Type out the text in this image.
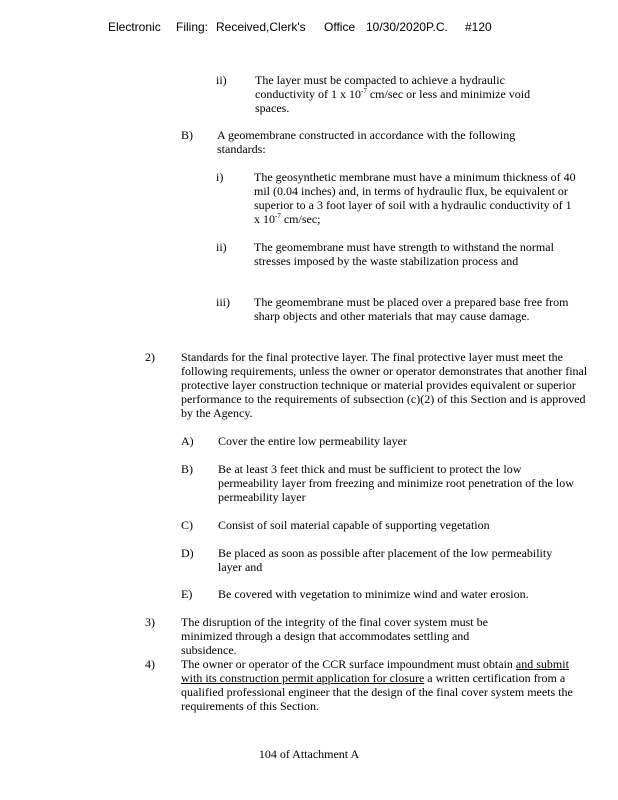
Electronic Filing: Received,Clerk's Office 10/30/2020P.C. #120
ii) The layer must be compacted to achieve a hydraulic conductivity of 1 x $10^{-7}$ cm/sec or less and minimize void spaces.
B) A geomembrane constructed in accordance with the following standards:
i)	The geosynthetic membrane must have a minimum thickness of 40 mil (0.04 inches) and, in terms of hydraulic flux, be equivalent or superior to a 3 foot layer of soil with a hydraulic conductivity of 1 x $10^{-7}$ cm/sec;
ii) The geomembrane must have strength to withstand the normal stresses imposed by the waste stabilization process and
iii) The geomembrane must be placed over a prepared base free from sharp objects and other materials that may cause damage.
2) Standards for the final protective layer. The final protective layer must meet the following requirements, unless the owner or operator demonstrates that another final protective layer construction technique or material provides equivalent or superior performance to the requirements of subsection (c)(2) of this Section and is approved by the Agency.
A) Cover the entire low permeability layer
B) Be at least 3 feet thick and must be sufficient to protect the low permeability layer from freezing and minimize root penetration of the low permeability layer
C) Consist of soil material capable of supporting vegetation
D) Be placed as soon as possible after placement of the low permeability layer and
E) Be covered with vegetation to minimize wind and water erosion.
3) The disruption of the integrity of the final cover system must be minimized through a design that accommodates settling and subsidence.
4) The owner or operator of the CCR surface impoundment must obtain and submit with its construction permit application for closure a written certification from a qualified professional engineer that the design of the final cover system meets the requirements of this Section.
104 of Attachment A
